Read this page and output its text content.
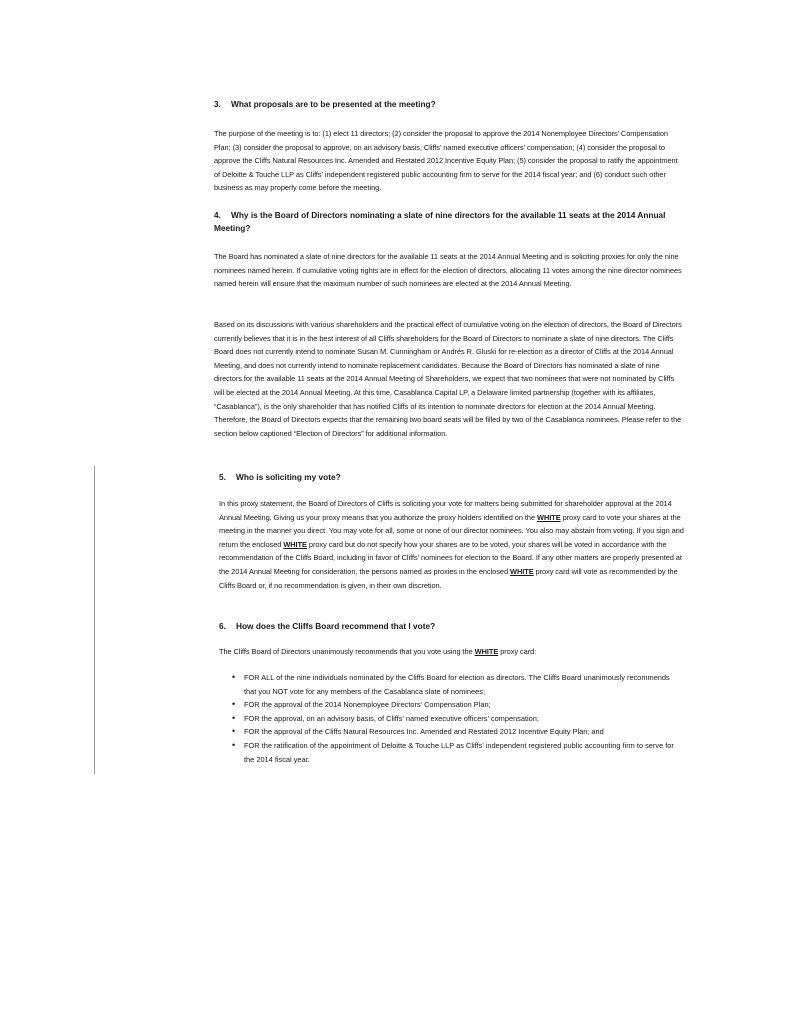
3. What proposals are to be presented at the meeting?

The purpose of the meeting is to: (1) elect 11 directors; (2) consider the proposal to approve the 2014 Nonemployee Directors’ Compensation Plan; (3) consider the proposal to approve, on an advisory basis, Cliffs’ named executive officers’ compensation; (4) consider the proposal to approve the Cliffs Natural Resources Inc. Amended and Restated 2012 Incentive Equity Plan; (5) consider the proposal to ratify the appointment of Deloitte & Touche LLP as Cliffs’ independent registered public accounting firm to serve for the 2014 fiscal year; and (6) conduct such other business as may properly come before the meeting.

4. Why is the Board of Directors nominating a slate of nine directors for the available 11 seats at the 2014 Annual Meeting?

The Board has nominated a slate of nine directors for the available 11 seats at the 2014 Annual Meeting and is soliciting proxies for only the nine nominees named herein. If cumulative voting rights are in effect for the election of directors, allocating 11 votes among the nine director nominees named herein will ensure that the maximum number of such nominees are elected at the 2014 Annual Meeting.

Based on its discussions with various shareholders and the practical effect of cumulative voting on the election of directors, the Board of Directors currently believes that it is in the best interest of all Cliffs shareholders for the Board of Directors to nominate a slate of nine directors. The Cliffs Board does not currently intend to nominate Susan M. Cunningham or Andrés R. Gluski for re-election as a director of Cliffs at the 2014 Annual Meeting, and does not currently intend to nominate replacement candidates. Because the Board of Directors has nominated a slate of nine directors for the available 11 seats at the 2014 Annual Meeting of Shareholders, we expect that two nominees that were not nominated by Cliffs will be elected at the 2014 Annual Meeting. At this time, Casablanca Capital LP, a Delaware limited partnership (together with its affiliates, “Casablanca”), is the only shareholder that has notified Cliffs of its intention to nominate directors for election at the 2014 Annual Meeting. Therefore, the Board of Directors expects that the remaining two board seats will be filled by two of the Casablanca nominees. Please refer to the section below captioned “Election of Directors” for additional information.

5. Who is soliciting my vote?

In this proxy statement, the Board of Directors of Cliffs is soliciting your vote for matters being submitted for shareholder approval at the 2014 Annual Meeting. Giving us your proxy means that you authorize the proxy holders identified on the WHITE proxy card to vote your shares at the meeting in the manner you direct. You may vote for all, some or none of our director nominees. You also may abstain from voting. If you sign and return the enclosed WHITE proxy card but do not specify how your shares are to be voted, your shares will be voted in accordance with the recommendation of the Cliffs Board, including in favor of Cliffs’ nominees for election to the Board. If any other matters are properly presented at the 2014 Annual Meeting for consideration, the persons named as proxies in the enclosed WHITE proxy card will vote as recommended by the Cliffs Board or, if no recommendation is given, in their own discretion.

6. How does the Cliffs Board recommend that I vote?

The Cliffs Board of Directors unanimously recommends that you vote using the WHITE proxy card:

• FOR ALL of the nine individuals nominated by the Cliffs Board for election as directors. The Cliffs Board unanimously recommends that you NOT vote for any members of the Casablanca slate of nominees;
• FOR the approval of the 2014 Nonemployee Directors’ Compensation Plan;
• FOR the approval, on an advisory basis, of Cliffs’ named executive officers’ compensation;
• FOR the approval of the Cliffs Natural Resources Inc. Amended and Restated 2012 Incentive Equity Plan; and
• FOR the ratification of the appointment of Deloitte & Touche LLP as Cliffs’ independent registered public accounting firm to serve for the 2014 fiscal year.
